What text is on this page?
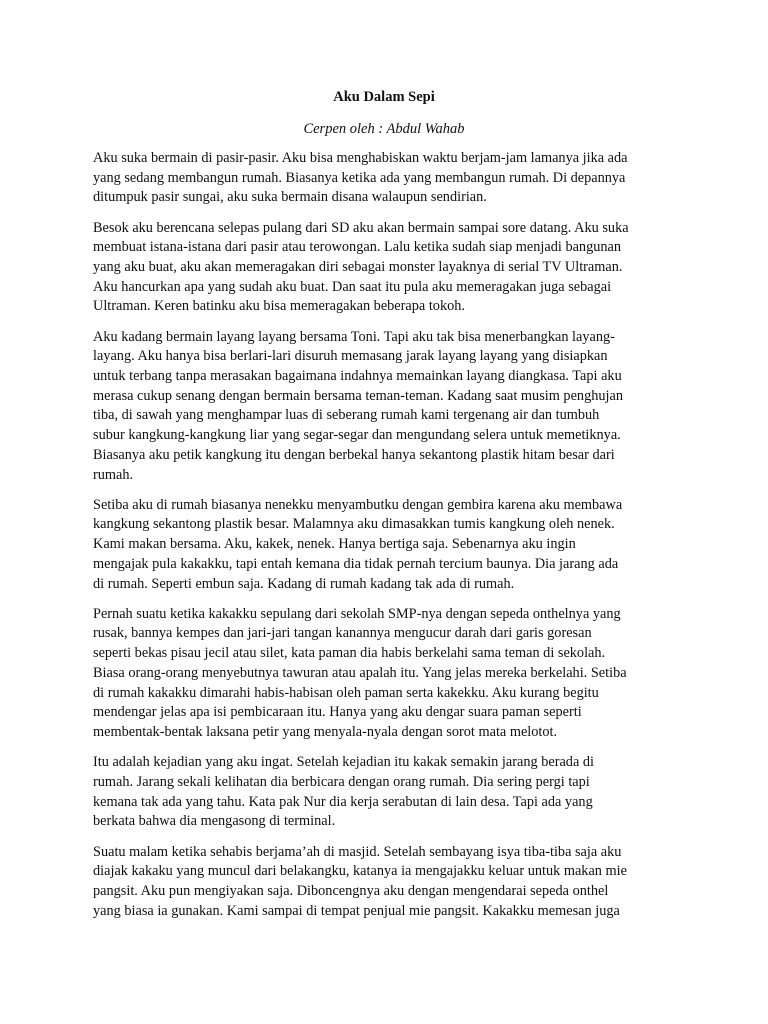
Aku Dalam Sepi

Cerpen oleh : Abdul Wahab

Aku suka bermain di pasir-pasir. Aku bisa menghabiskan waktu berjam-jam lamanya jika ada
yang sedang membangun rumah. Biasanya ketika ada yang membangun rumah. Di depannya
ditumpuk pasir sungai, aku suka bermain disana walaupun sendirian.

Besok aku berencana selepas pulang dari SD aku akan bermain sampai sore datang. Aku suka
membuat istana-istana dari pasir atau terowongan. Lalu ketika sudah siap menjadi bangunan
yang aku buat, aku akan memeragakan diri sebagai monster layaknya di serial TV Ultraman.
Aku hancurkan apa yang sudah aku buat. Dan saat itu pula aku memeragakan juga sebagai
Ultraman. Keren batinku aku bisa memeragakan beberapa tokoh.

Aku kadang bermain layang layang bersama Toni. Tapi aku tak bisa menerbangkan layang-
layang. Aku hanya bisa berlari-lari disuruh memasang jarak layang layang yang disiapkan
untuk terbang tanpa merasakan bagaimana indahnya memainkan layang diangkasa. Tapi aku
merasa cukup senang dengan bermain bersama teman-teman. Kadang saat musim penghujan
tiba, di sawah yang menghampar luas di seberang rumah kami tergenang air dan tumbuh
subur kangkung-kangkung liar yang segar-segar dan mengundang selera untuk memetiknya.
Biasanya aku petik kangkung itu dengan berbekal hanya sekantong plastik hitam besar dari
rumah.

Setiba aku di rumah biasanya nenekku menyambutku dengan gembira karena aku membawa
kangkung sekantong plastik besar. Malamnya aku dimasakkan tumis kangkung oleh nenek.
Kami makan bersama. Aku, kakek, nenek. Hanya bertiga saja. Sebenarnya aku ingin
mengajak pula kakakku, tapi entah kemana dia tidak pernah tercium baunya. Dia jarang ada
di rumah. Seperti embun saja. Kadang di rumah kadang tak ada di rumah.

Pernah suatu ketika kakakku sepulang dari sekolah SMP-nya dengan sepeda onthelnya yang
rusak, bannya kempes dan jari-jari tangan kanannya mengucur darah dari garis goresan
seperti bekas pisau jecil atau silet, kata paman dia habis berkelahi sama teman di sekolah.
Biasa orang-orang menyebutnya tawuran atau apalah itu. Yang jelas mereka berkelahi. Setiba
di rumah kakakku dimarahi habis-habisan oleh paman serta kakekku. Aku kurang begitu
mendengar jelas apa isi pembicaraan itu. Hanya yang aku dengar suara paman seperti
membentak-bentak laksana petir yang menyala-nyala dengan sorot mata melotot.

Itu adalah kejadian yang aku ingat. Setelah kejadian itu kakak semakin jarang berada di
rumah. Jarang sekali kelihatan dia berbicara dengan orang rumah. Dia sering pergi tapi
kemana tak ada yang tahu. Kata pak Nur dia kerja serabutan di lain desa. Tapi ada yang
berkata bahwa dia mengasong di terminal.

Suatu malam ketika sehabis berjama’ah di masjid. Setelah sembayang isya tiba-tiba saja aku
diajak kakaku yang muncul dari belakangku, katanya ia mengajakku keluar untuk makan mie
pangsit. Aku pun mengiyakan saja. Diboncengnya aku dengan mengendarai sepeda onthel
yang biasa ia gunakan. Kami sampai di tempat penjual mie pangsit. Kakakku memesan juga
